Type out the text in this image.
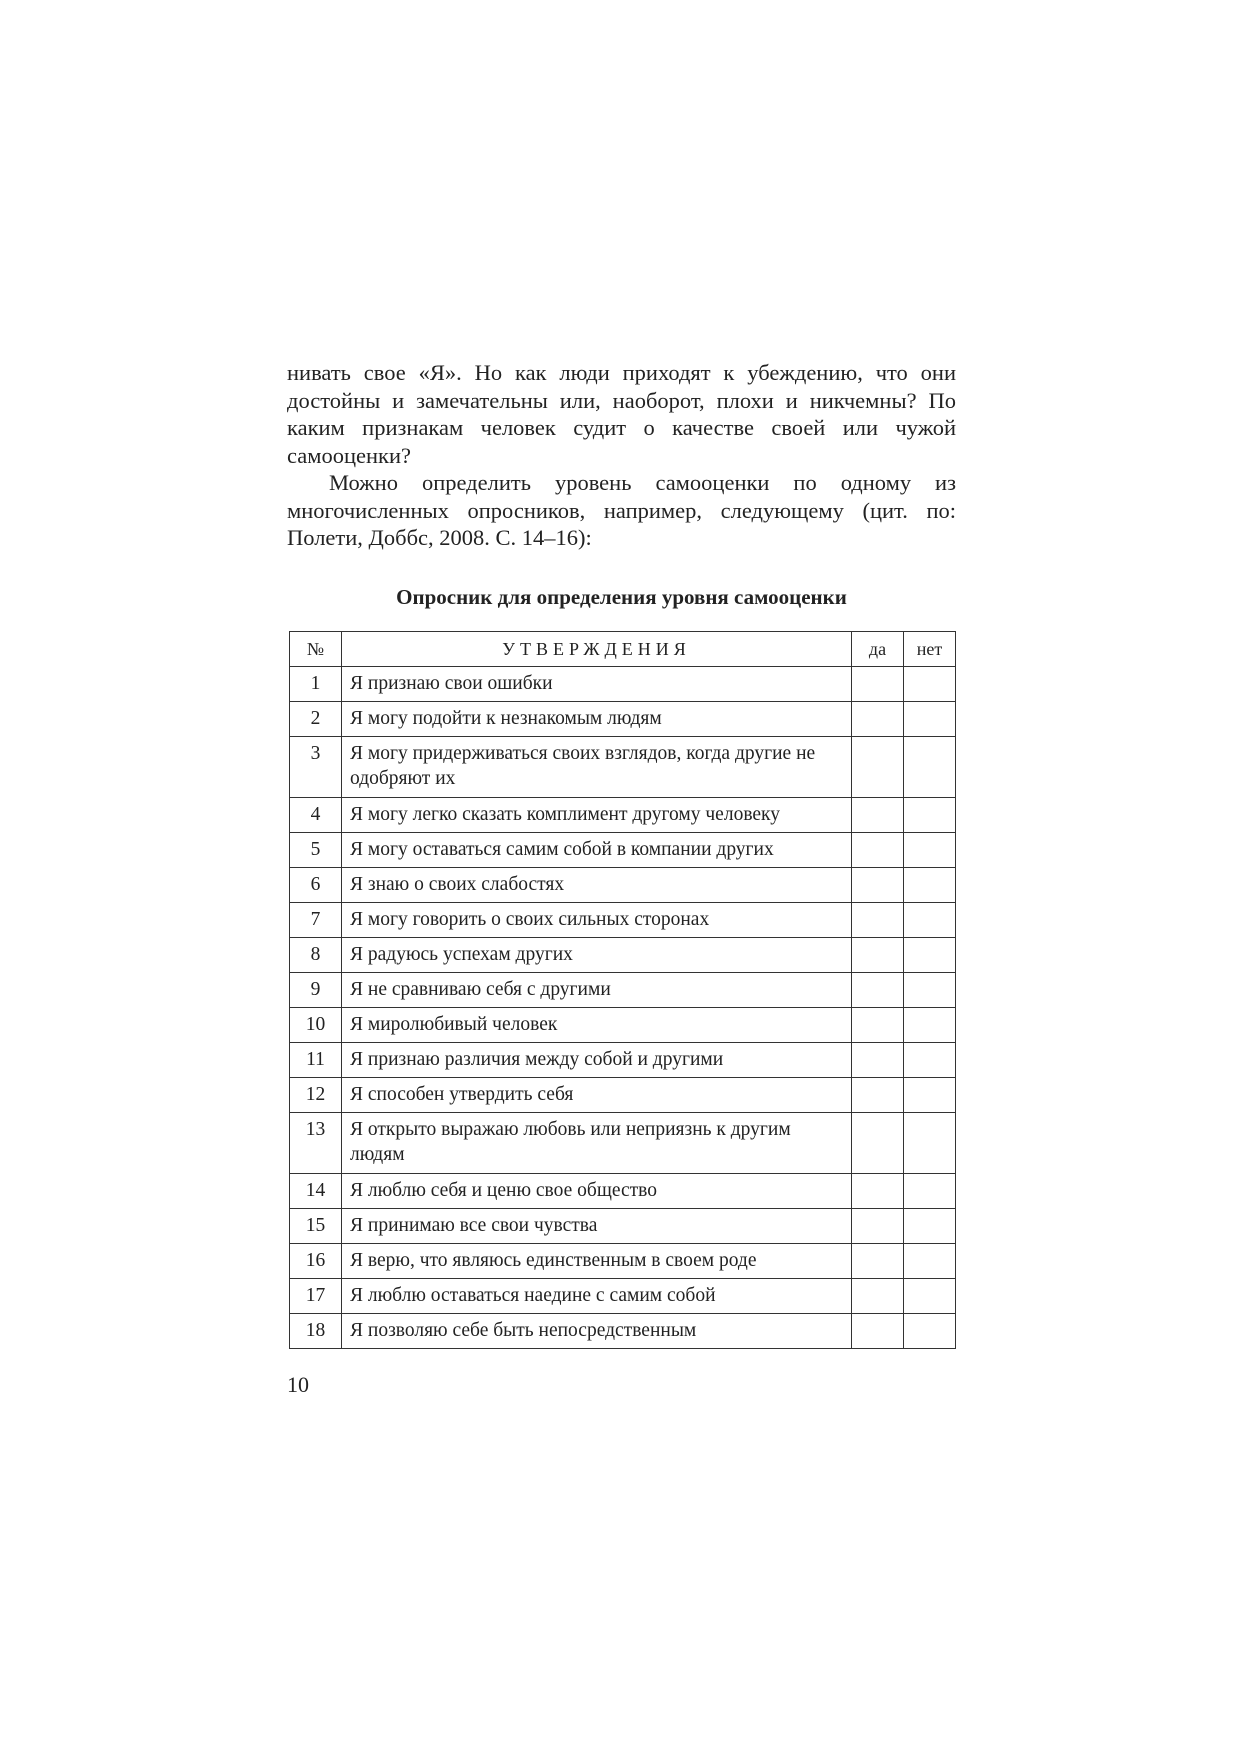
нивать свое «Я». Но как люди приходят к убеждению, что они достойны и замечательны или, наоборот, плохи и никчемны? По каким признакам человек судит о качестве своей или чужой самооценки?

Можно определить уровень самооценки по одному из многочисленных опросников, например, следующему (цит. по: Полети, Доббс, 2008. С. 14–16):

Опросник для определения уровня самооценки
№	УТВЕРЖДЕНИЯ	да	нет
1	Я признаю свои ошибки		
2	Я могу подойти к незнакомым людям		
3	Я могу придерживаться своих взглядов, когда другие не одобряют их		
4	Я могу легко сказать комплимент другому человеку		
5	Я могу оставаться самим собой в компании других		
6	Я знаю о своих слабостях		
7	Я могу говорить о своих сильных сторонах		
8	Я радуюсь успехам других		
9	Я не сравниваю себя с другими		
10	Я миролюбивый человек		
11	Я признаю различия между собой и другими		
12	Я способен утвердить себя		
13	Я открыто выражаю любовь или неприязнь к другим людям		
14	Я люблю себя и ценю свое общество		
15	Я принимаю все свои чувства		
16	Я верю, что являюсь единственным в своем роде		
17	Я люблю оставаться наедине с самим собой		
18	Я позволяю себе быть непосредственным		
10
